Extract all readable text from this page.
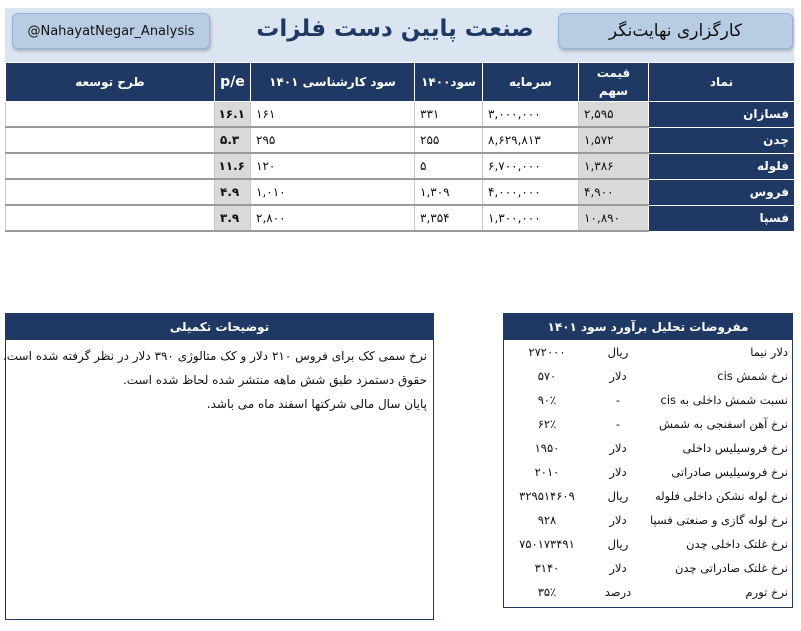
@NahayatNegar_Analysis	صنعت پایین دست فلزات	کارگزاری نهایت‌نگر
نماد	قیمت سهم	سرمایه	سود۱۴۰۰	سود کارشناسی ۱۴۰۱	p/e	طرح توسعه
فسازان	۲,۵۹۵	۳,۰۰۰,۰۰۰	۳۳۱	۱۶۱	۱۶.۱	
چدن	۱,۵۷۲	۸,۶۲۹,۸۱۳	۲۵۵	۲۹۵	۵.۳	
فلوله	۱,۳۸۶	۶,۷۰۰,۰۰۰	۵	۱۲۰	۱۱.۶	
فروس	۴,۹۰۰	۴,۰۰۰,۰۰۰	۱,۳۰۹	۱,۰۱۰	۴.۹	
فسپا	۱۰,۸۹۰	۱,۳۰۰,۰۰۰	۳,۳۵۴	۲,۸۰۰	۳.۹	
توضیحات تکمیلی
نرخ سمی کک برای فروس ۲۱۰ دلار و کک متالوژی ۳۹۰ دلار در نظر گرفته شده است.
حقوق دستمزد طبق شش ماهه منتشر شده لحاظ شده است.
پایان سال مالی شرکتها اسفند ماه می باشد.
مفروضات تحلیل برآورد سود ۱۴۰۱
دلار نیما	ریال	۲۷۲۰۰۰
نرخ شمش cis	دلار	۵۷۰
نسبت شمش داخلی به cis	-	۹۰٪
نرخ آهن اسفنجی به شمش	-	۶۲٪
نرخ فروسیلیس داخلی	دلار	۱۹۵۰
نرخ فروسیلیس صادراتی	دلار	۲۰۱۰
نرخ لوله نشکن داخلی فلوله	ریال	۳۲۹۵۱۴۶۰۹
نرخ لوله گازی و صنعتی فسپا	دلار	۹۲۸
نرخ غلتک داخلی چدن	ریال	۷۵۰۱۷۳۴۹۱
نرخ غلتک صادراتی چدن	دلار	۳۱۴۰
نرخ تورم	درصد	۳۵٪
